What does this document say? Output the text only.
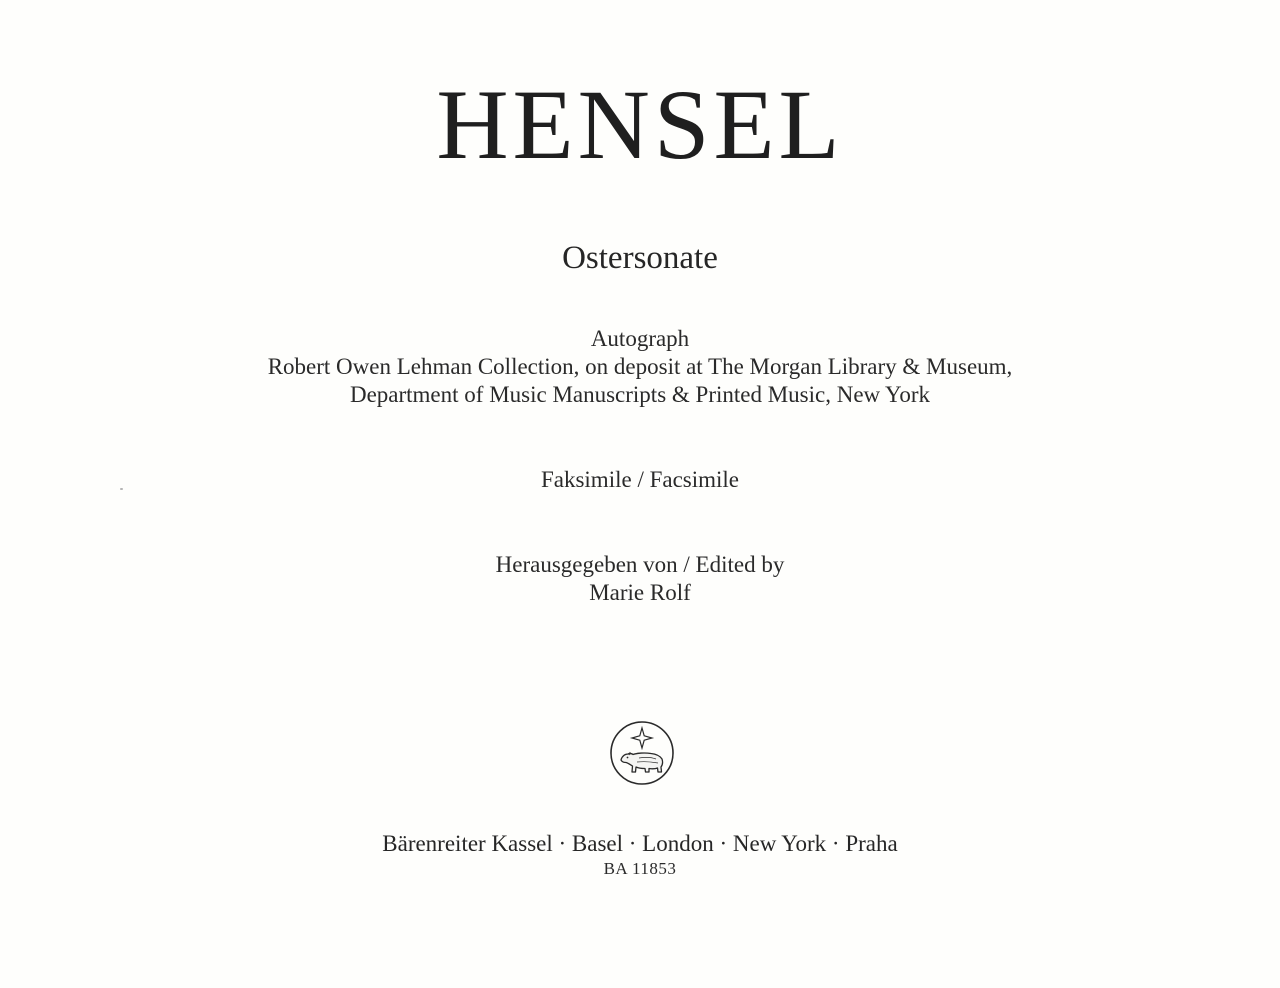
HENSEL
Ostersonate
Autograph
Robert Owen Lehman Collection, on deposit at The Morgan Library & Museum,
Department of Music Manuscripts & Printed Music, New York
Faksimile / Facsimile
Herausgegeben von / Edited by
Marie Rolf
Bärenreiter Kassel · Basel · London · New York · Praha
BA 11853
